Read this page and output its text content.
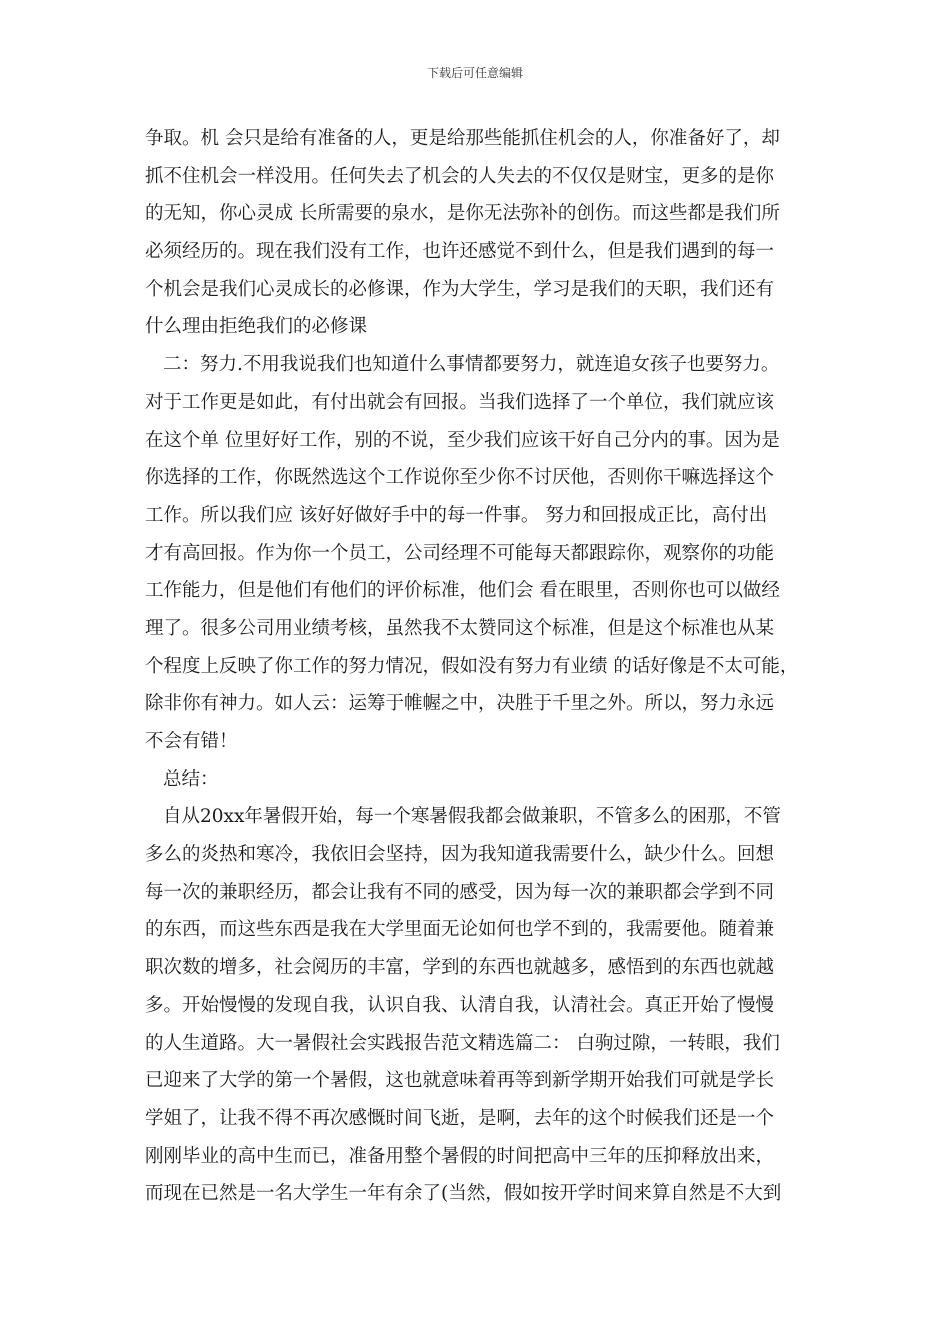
下载后可任意编辑
争取。机 会只是给有准备的人，更是给那些能抓住机会的人，你准备好了，却
抓不住机会一样没用。任何失去了机会的人失去的不仅仅是财宝，更多的是你
的无知，你心灵成 长所需要的泉水，是你无法弥补的创伤。而这些都是我们所
必须经历的。现在我们没有工作，也许还感觉不到什么，但是我们遇到的每一
个机会是我们心灵成长的必修课，作为大学生，学习是我们的天职，我们还有
什么理由拒绝我们的必修课
二：努力.不用我说我们也知道什么事情都要努力，就连追女孩子也要努力。
对于工作更是如此，有付出就会有回报。当我们选择了一个单位，我们就应该
在这个单 位里好好工作，别的不说，至少我们应该干好自己分内的事。因为是
你选择的工作，你既然选这个工作说你至少你不讨厌他，否则你干嘛选择这个
工作。所以我们应 该好好做好手中的每一件事。 努力和回报成正比，高付出
才有高回报。作为你一个员工，公司经理不可能每天都跟踪你，观察你的功能
工作能力，但是他们有他们的评价标准，他们会 看在眼里，否则你也可以做经
理了。很多公司用业绩考核，虽然我不太赞同这个标准，但是这个标准也从某
个程度上反映了你工作的努力情况，假如没有努力有业绩 的话好像是不太可能，
除非你有神力。如人云：运筹于帷幄之中，决胜于千里之外。所以，努力永远
不会有错！
总结：
自从20xx年暑假开始，每一个寒暑假我都会做兼职，不管多么的困那，不管
多么的炎热和寒冷，我依旧会坚持，因为我知道我需要什么，缺少什么。回想
每一次的兼职经历，都会让我有不同的感受，因为每一次的兼职都会学到不同
的东西，而这些东西是我在大学里面无论如何也学不到的，我需要他。随着兼
职次数的增多，社会阅历的丰富，学到的东西也就越多，感悟到的东西也就越
多。开始慢慢的发现自我，认识自我、认清自我，认清社会。真正开始了慢慢
的人生道路。大一暑假社会实践报告范文精选篇二： 白驹过隙，一转眼，我们
已迎来了大学的第一个暑假，这也就意味着再等到新学期开始我们可就是学长
学姐了，让我不得不再次感慨时间飞逝，是啊，去年的这个时候我们还是一个
刚刚毕业的高中生而已，准备用整个暑假的时间把高中三年的压抑释放出来，
而现在已然是一名大学生一年有余了(当然，假如按开学时间来算自然是不大到
